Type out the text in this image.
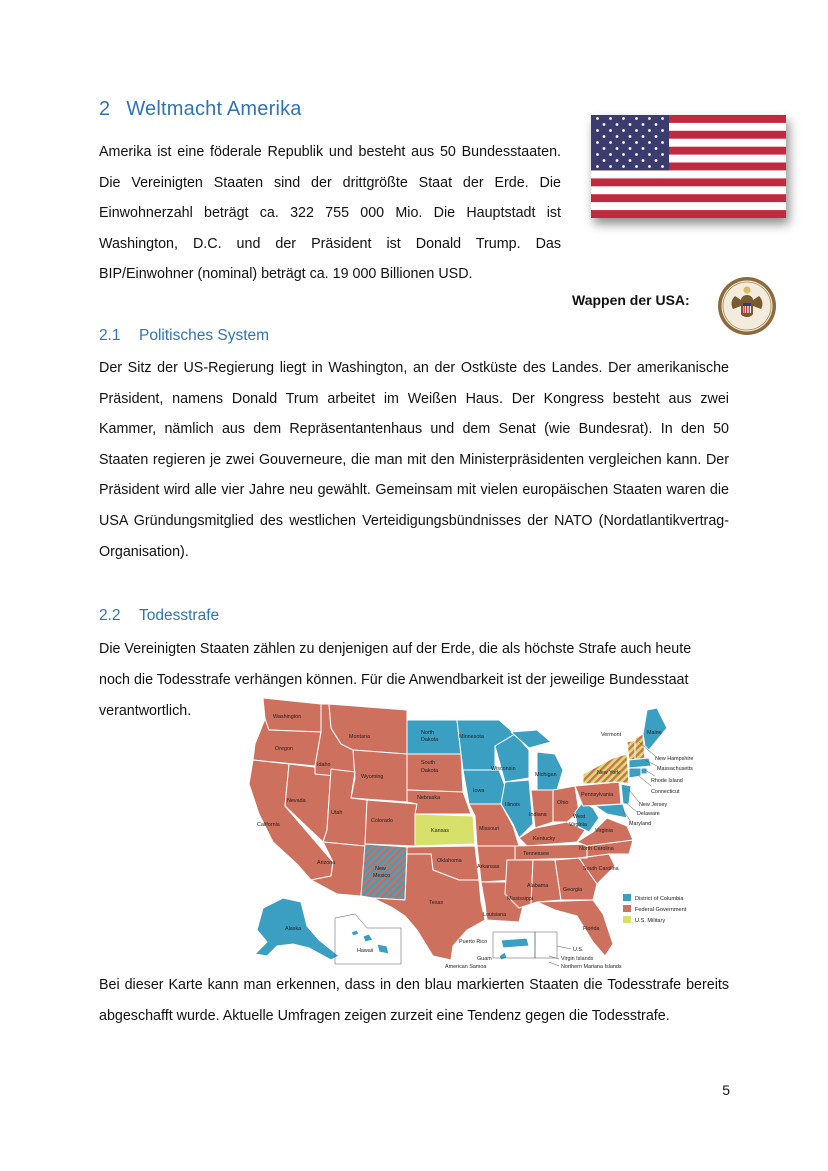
2 Weltmacht Amerika

Amerika ist eine föderale Republik und besteht aus 50 Bundesstaaten. Die Vereinigten Staaten sind der drittgrößte Staat der Erde. Die Einwohnerzahl beträgt ca. 322 755 000 Mio. Die Hauptstadt ist Washington, D.C. und der Präsident ist Donald Trump. Das BIP/Einwohner (nominal) beträgt ca. 19 000 Billionen USD.

Wappen der USA:
2.1 Politisches System

Der Sitz der US-Regierung liegt in Washington, an der Ostküste des Landes. Der amerikanische Präsident, namens Donald Trum arbeitet im Weißen Haus. Der Kongress besteht aus zwei Kammer, nämlich aus dem Repräsentantenhaus und dem Senat (wie Bundesrat). In den 50 Staaten regieren je zwei Gouverneure, die man mit den Ministerpräsidenten vergleichen kann. Der Präsident wird alle vier Jahre neu gewählt. Gemeinsam mit vielen europäischen Staaten waren die USA Gründungsmitglied des westlichen Verteidigungsbündnisses der NATO (Nordatlantikvertrag-Organisation).

2.2 Todesstrafe

Die Vereinigten Staaten zählen zu denjenigen auf der Erde, die als höchste Strafe auch heute

noch die Todesstrafe verhängen können. Für die Anwendbarkeit ist der jeweilige Bundesstaat

verantwortlich.	Washington
Oregon
California
Idaho
Nevada
Montana
Wyoming
Utah
Arizona
Colorado
New
Mexico
North
Dakota
South
Dakota
Nebraska
Kansas
Oklahoma
Texas
Minnesota
Iowa
Missouri
Arkansas
Louisiana
Wisconsin
Illinois
Michigan
Indiana
Ohio
Kentucky
Tennessee
Mississippi
Alabama
Georgia
Florida
South Carolina
North Carolina
Virginia
West
Virginia
Pennsylvania
New York
Vermont	Maine
New Hampshire
Massachusetts
Rhode Island
Connecticut
New Jersey
Delaware
Maryland
Alaska
Hawaii
Puerto Rico
Guam
American Samoa
U.S.
Virgin Islands
Northern Mariana Islands
District of Columbia
Federal Government
U.S. Military

Bei dieser Karte kann man erkennen, dass in den blau markierten Staaten die Todesstrafe bereits abgeschafft wurde. Aktuelle Umfragen zeigen zurzeit eine Tendenz gegen die Todesstrafe.

5
